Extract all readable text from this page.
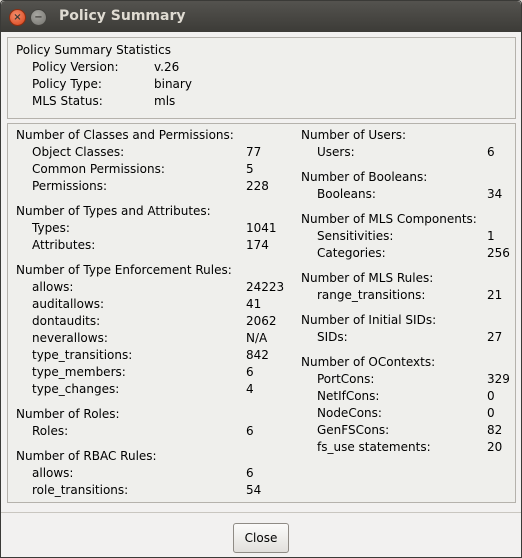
×	−	Policy Summary
Policy Summary Statistics
Policy Version:	v.26
Policy Type:	binary
MLS Status:	mls
Number of Classes and Permissions:
Object Classes:	77
Common Permissions:	5
Permissions:	228
Number of Types and Attributes:
Types:	1041
Attributes:	174
Number of Type Enforcement Rules:
allows:	24223
auditallows:	41
dontaudits:	2062
neverallows:	N/A
type_transitions:	842
type_members:	6
type_changes:	4
Number of Roles:
Roles:	6
Number of RBAC Rules:
allows:	6
role_transitions:	54
Number of Users:
Users:	6
Number of Booleans:
Booleans:	34
Number of MLS Components:
Sensitivities:	1
Categories:	256
Number of MLS Rules:
range_transitions:	21
Number of Initial SIDs:
SIDs:	27
Number of OContexts:
PortCons:	329
NetIfCons:	0
NodeCons:	0
GenFSCons:	82
fs_use statements:	20
Close
